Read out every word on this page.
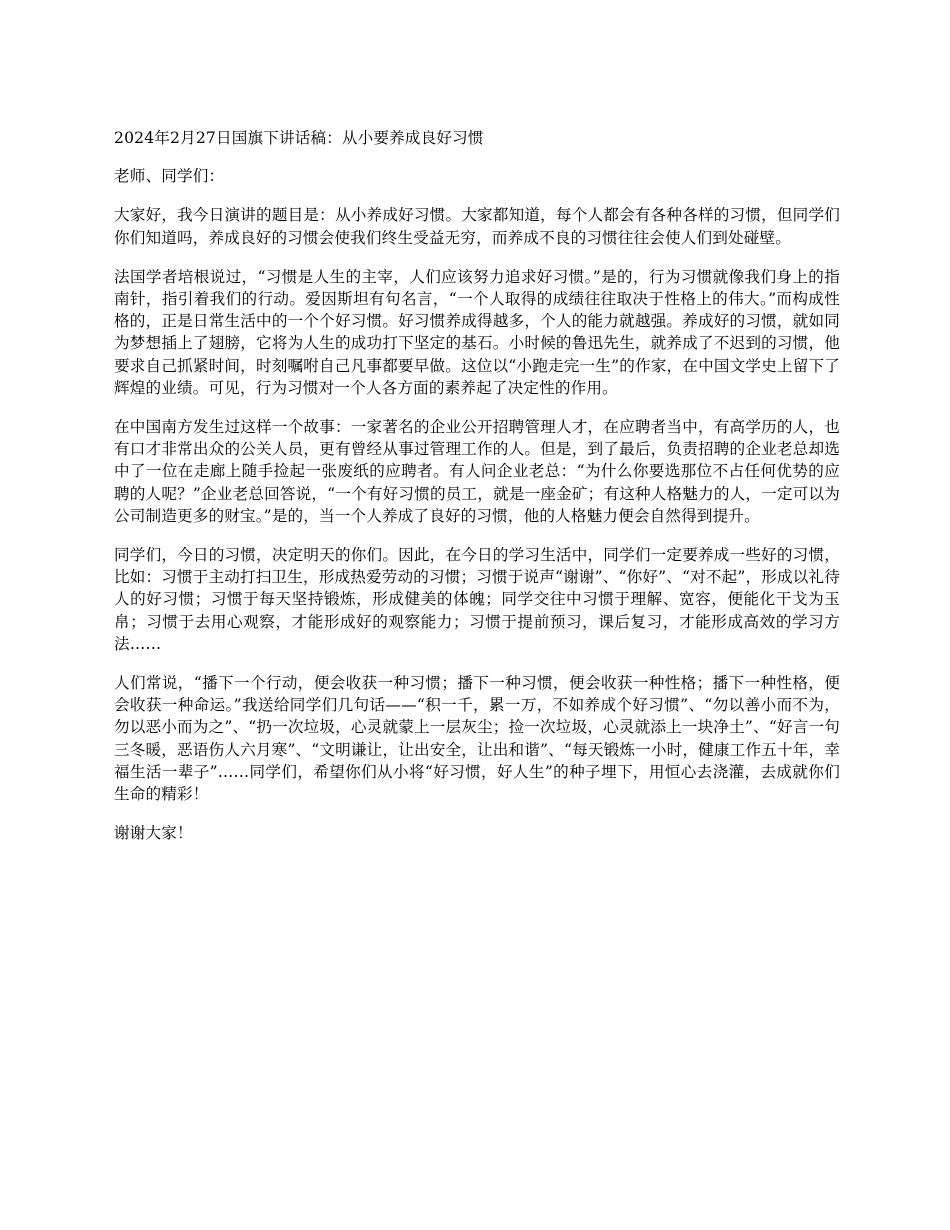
2024年2月27日国旗下讲话稿：从小要养成良好习惯
老师、同学们：

大家好，我今日演讲的题目是：从小养成好习惯。大家都知道，每个人都会有各种各样的习惯，但同学们你们知道吗，养成良好的习惯会使我们终生受益无穷，而养成不良的习惯往往会使人们到处碰壁。

法国学者培根说过，“习惯是人生的主宰，人们应该努力追求好习惯。”是的，行为习惯就像我们身上的指南针，指引着我们的行动。爱因斯坦有句名言，“一个人取得的成绩往往取决于性格上的伟大。”而构成性格的，正是日常生活中的一个个好习惯。好习惯养成得越多，个人的能力就越强。养成好的习惯，就如同为梦想插上了翅膀，它将为人生的成功打下坚定的基石。小时候的鲁迅先生，就养成了不迟到的习惯，他要求自己抓紧时间，时刻嘱咐自己凡事都要早做。这位以“小跑走完一生”的作家，在中国文学史上留下了辉煌的业绩。可见，行为习惯对一个人各方面的素养起了决定性的作用。

在中国南方发生过这样一个故事：一家著名的企业公开招聘管理人才，在应聘者当中，有高学历的人，也有口才非常出众的公关人员，更有曾经从事过管理工作的人。但是，到了最后，负责招聘的企业老总却选中了一位在走廊上随手捡起一张废纸的应聘者。有人问企业老总：“为什么你要选那位不占任何优势的应聘的人呢？”企业老总回答说，“一个有好习惯的员工，就是一座金矿；有这种人格魅力的人，一定可以为公司制造更多的财宝。”是的，当一个人养成了良好的习惯，他的人格魅力便会自然得到提升。

同学们，今日的习惯，决定明天的你们。因此，在今日的学习生活中，同学们一定要养成一些好的习惯，比如：习惯于主动打扫卫生，形成热爱劳动的习惯；习惯于说声“谢谢”、“你好”、“对不起”，形成以礼待人的好习惯；习惯于每天坚持锻炼，形成健美的体魄；同学交往中习惯于理解、宽容，便能化干戈为玉帛；习惯于去用心观察，才能形成好的观察能力；习惯于提前预习，课后复习，才能形成高效的学习方法……

人们常说，“播下一个行动，便会收获一种习惯；播下一种习惯，便会收获一种性格；播下一种性格，便会收获一种命运。”我送给同学们几句话——“积一千，累一万，不如养成个好习惯”、“勿以善小而不为，勿以恶小而为之”、“扔一次垃圾，心灵就蒙上一层灰尘；捡一次垃圾，心灵就添上一块净土”、“好言一句三冬暖，恶语伤人六月寒”、“文明谦让，让出安全，让出和谐”、“每天锻炼一小时，健康工作五十年，幸福生活一辈子”……同学们，希望你们从小将“好习惯，好人生”的种子埋下，用恒心去浇灌，去成就你们生命的精彩！

谢谢大家！
